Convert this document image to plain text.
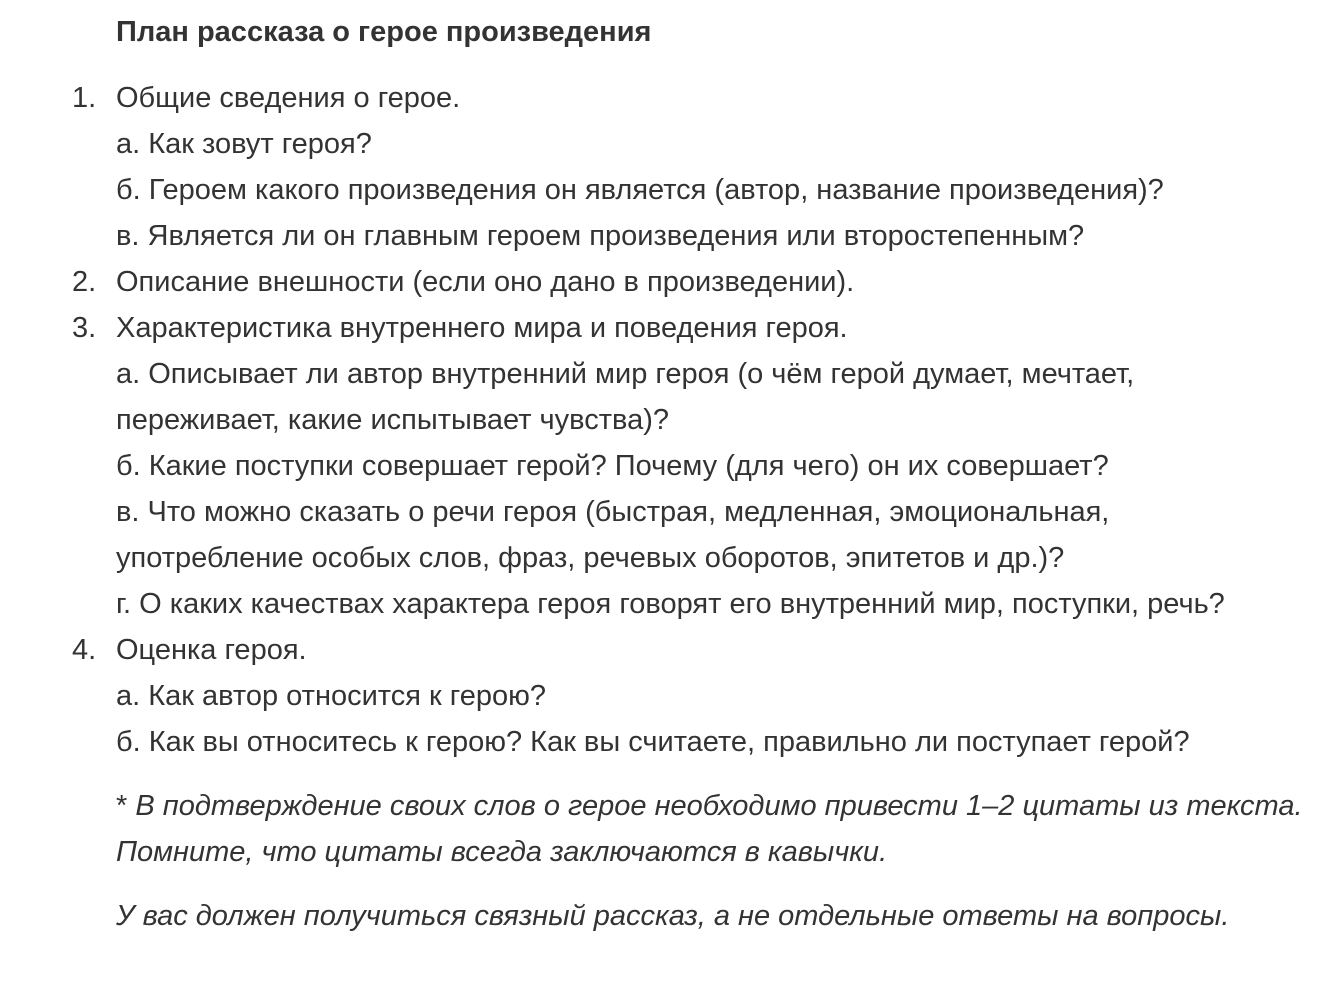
План рассказа о герое произведения
1. Общие сведения о герое.
а. Как зовут героя?
б. Героем какого произведения он является (автор, название произведения)?
в. Является ли он главным героем произведения или второстепенным?
2. Описание внешности (если оно дано в произведении).
3. Характеристика внутреннего мира и поведения героя.
а. Описывает ли автор внутренний мир героя (о чём герой думает, мечтает,
переживает, какие испытывает чувства)?
б. Какие поступки совершает герой? Почему (для чего) он их совершает?
в. Что можно сказать о речи героя (быстрая, медленная, эмоциональная,
употребление особых слов, фраз, речевых оборотов, эпитетов и др.)?
г. О каких качествах характера героя говорят его внутренний мир, поступки, речь?
4. Оценка героя.
а. Как автор относится к герою?
б. Как вы относитесь к герою? Как вы считаете, правильно ли поступает герой?
* В подтверждение своих слов о герое необходимо привести 1–2 цитаты из текста.
Помните, что цитаты всегда заключаются в кавычки.
У вас должен получиться связный рассказ, а не отдельные ответы на вопросы.
